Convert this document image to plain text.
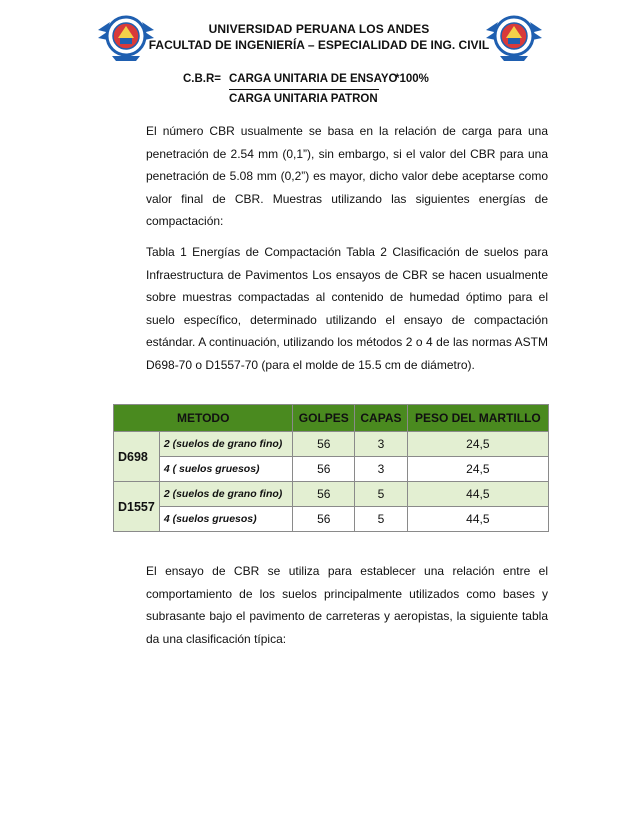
UNIVERSIDAD PERUANA LOS ANDES
FACULTAD DE INGENIERÍA – ESPECIALIDAD DE ING. CIVIL
C.B.R= CARGA UNITARIA DE ENSAYO
*100%
CARGA UNITARIA PATRON
El número CBR usualmente se basa en la relación de carga para una penetración de 2.54 mm (0,1”), sin embargo, si el valor del CBR para una penetración de 5.08 mm (0,2”) es mayor, dicho valor debe aceptarse como valor final de CBR. Muestras utilizando las siguientes energías de compactación:
Tabla 1 Energías de Compactación Tabla 2 Clasificación de suelos para Infraestructura de Pavimentos Los ensayos de CBR se hacen usualmente sobre muestras compactadas al contenido de humedad óptimo para el suelo específico, determinado utilizando el ensayo de compactación estándar. A continuación, utilizando los métodos 2 o 4 de las normas ASTM D698-70 o D1557-70 (para el molde de 15.5 cm de diámetro).
METODO		GOLPES	CAPAS	PESO DEL MARTILLO
D698	2 (suelos de grano fino)	56	3	24,5
	4 ( suelos gruesos)	56	3	24,5
D1557	2 (suelos de grano fino)	56	5	44,5
	4 (suelos gruesos)	56	5	44,5
El ensayo de CBR se utiliza para establecer una relación entre el comportamiento de los suelos principalmente utilizados como bases y subrasante bajo el pavimento de carreteras y aeropistas, la siguiente tabla da una clasificación típica:
